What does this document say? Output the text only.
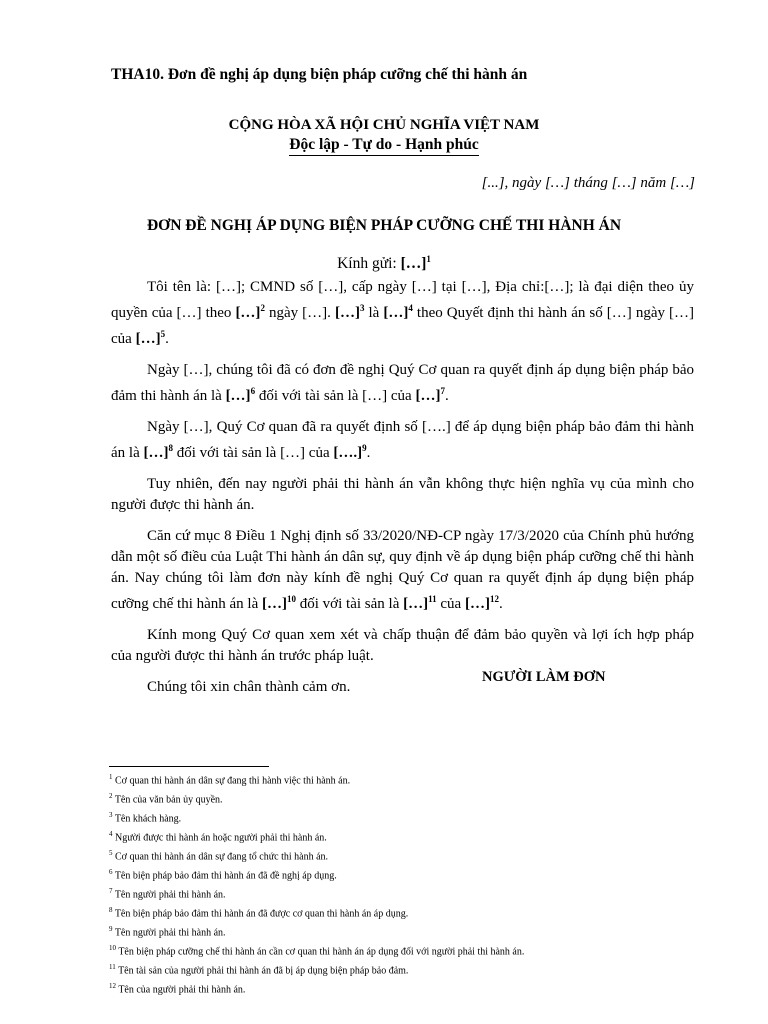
THA10. Đơn đề nghị áp dụng biện pháp cưỡng chế thi hành án
CỘNG HÒA XÃ HỘI CHỦ NGHĨA VIỆT NAM
Độc lập - Tự do - Hạnh phúc
[...], ngày […] tháng […] năm […]
ĐƠN ĐỀ NGHỊ ÁP DỤNG BIỆN PHÁP CƯỠNG CHẾ THI HÀNH ÁN
Kính gửi: […]$^1$

Tôi tên là: […]; CMND số […], cấp ngày […] tại […], Địa chỉ:[…]; là đại diện theo ủy quyền của […] theo […]$^2$ ngày […]. […]$^3$ là […]$^4$ theo Quyết định thi hành án số […] ngày […] của […]$^5$.

Ngày […], chúng tôi đã có đơn đề nghị Quý Cơ quan ra quyết định áp dụng biện pháp bảo đảm thi hành án là […]$^6$ đối với tài sản là […] của […]$^7$.

Ngày […], Quý Cơ quan đã ra quyết định số [….] để áp dụng biện pháp bảo đảm thi hành án là […]$^8$ đối với tài sản là […] của [….]$^9$.

Tuy nhiên, đến nay người phải thi hành án vẫn không thực hiện nghĩa vụ của mình cho người được thi hành án.

Căn cứ mục 8 Điều 1 Nghị định số 33/2020/NĐ-CP ngày 17/3/2020 của Chính phủ hướng dẫn một số điều của Luật Thi hành án dân sự, quy định về áp dụng biện pháp cưỡng chế thi hành án. Nay chúng tôi làm đơn này kính đề nghị Quý Cơ quan ra quyết định áp dụng biện pháp cưỡng chế thi hành án là […]$^{10}$ đối với tài sản là […]$^{11}$ của […]$^{12}$.

Kính mong Quý Cơ quan xem xét và chấp thuận để đảm bảo quyền và lợi ích hợp pháp của người được thi hành án trước pháp luật.

Chúng tôi xin chân thành cảm ơn.

NGƯỜI LÀM ĐƠN
$^1$ Cơ quan thi hành án dân sự đang thi hành việc thi hành án.
$^2$ Tên của văn bản ủy quyền.
$^3$ Tên khách hàng.
$^4$ Người được thi hành án hoặc người phải thi hành án.
$^5$ Cơ quan thi hành án dân sự đang tổ chức thi hành án.
$^6$ Tên biện pháp bảo đảm thi hành án đã đề nghị áp dụng.
$^7$ Tên người phải thi hành án.
$^8$ Tên biện pháp bảo đảm thi hành án đã được cơ quan thi hành án áp dụng.
$^9$ Tên người phải thi hành án.
$^{10}$ Tên biện pháp cưỡng chế thi hành án cần cơ quan thi hành án áp dụng đối với người phải thi hành án.
$^{11}$ Tên tài sản của người phải thi hành án đã bị áp dụng biện pháp bảo đảm.
$^{12}$ Tên của người phải thi hành án.
